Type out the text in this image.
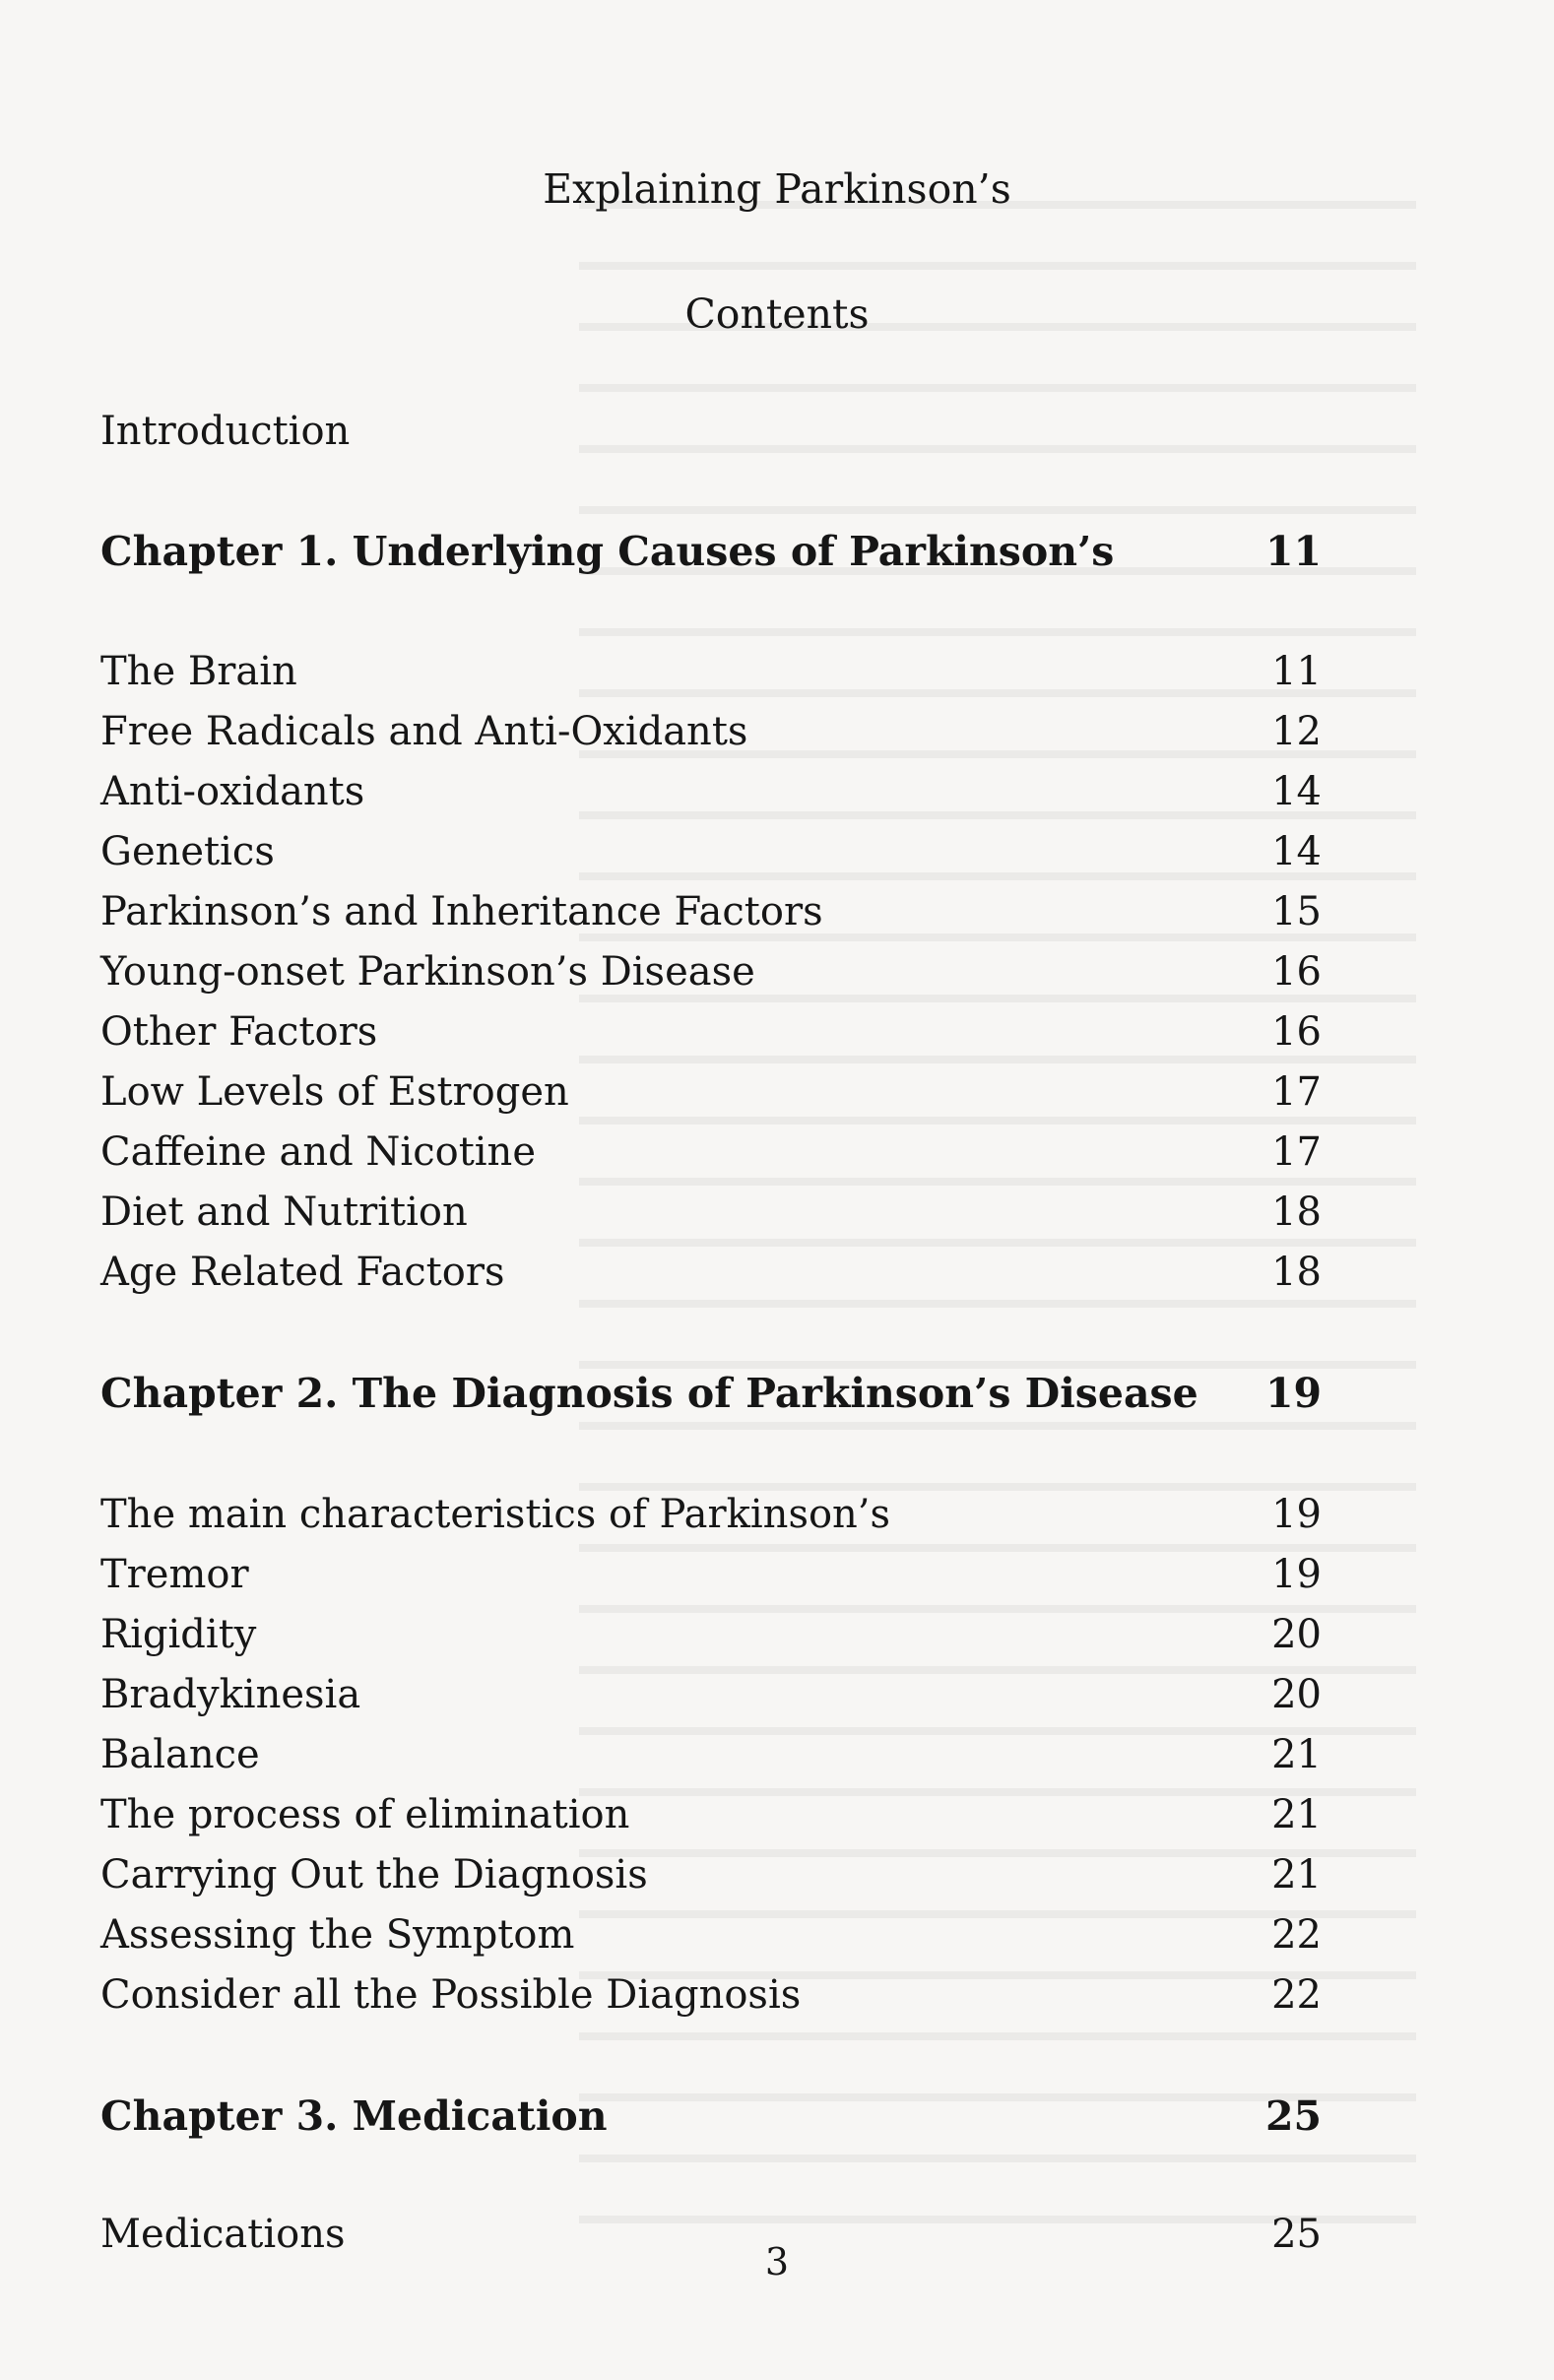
Explaining Parkinson’s
Contents
Introduction
Chapter 1. Underlying Causes of Parkinson’s	11
The Brain	11
Free Radicals and Anti-Oxidants	12
Anti-oxidants	14
Genetics	14
Parkinson’s and Inheritance Factors	15
Young-onset Parkinson’s Disease	16
Other Factors	16
Low Levels of Estrogen	17
Caffeine and Nicotine	17
Diet and Nutrition	18
Age Related Factors	18
Chapter 2. The Diagnosis of Parkinson’s Disease 19
The main characteristics of Parkinson’s	19
Tremor	19
Rigidity	20
Bradykinesia	20
Balance	21
The process of elimination	21
Carrying Out the Diagnosis	21
Assessing the Symptom	22
Consider all the Possible Diagnosis	22
Chapter 3. Medication	25
Medications	25
3
